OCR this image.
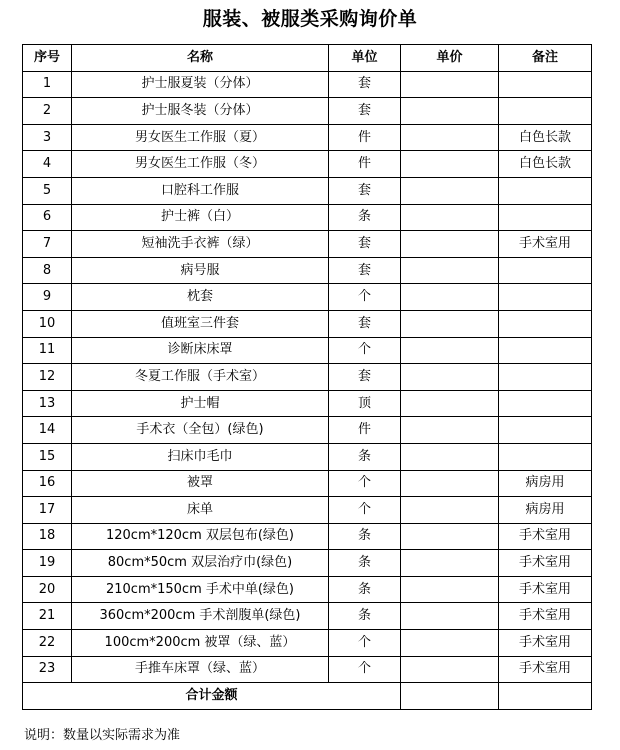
服装、被服类采购询价单
序号	名称	单位	单价	备注
1	护士服夏装（分体）	套		
2	护士服冬装（分体）	套		
3	男女医生工作服（夏）	件		白色长款
4	男女医生工作服（冬）	件		白色长款
5	口腔科工作服	套		
6	护士裤（白）	条		
7	短袖洗手衣裤（绿）	套		手术室用
8	病号服	套		
9	枕套	个		
10	值班室三件套	套		
11	诊断床床罩	个		
12	冬夏工作服（手术室）	套		
13	护士帽	顶		
14	手术衣（全包）(绿色)	件		
15	扫床巾毛巾	条		
16	被罩	个		病房用
17	床单	个		病房用
18	120cm*120cm 双层包布(绿色)	条		手术室用
19	80cm*50cm 双层治疗巾(绿色)	条		手术室用
20	210cm*150cm 手术中单(绿色)	条		手术室用
21	360cm*200cm 手术剖腹单(绿色)	条		手术室用
22	100cm*200cm 被罩（绿、蓝）	个		手术室用
23	手推车床罩（绿、蓝）	个		手术室用
合计金额				
说明：数量以实际需求为准
